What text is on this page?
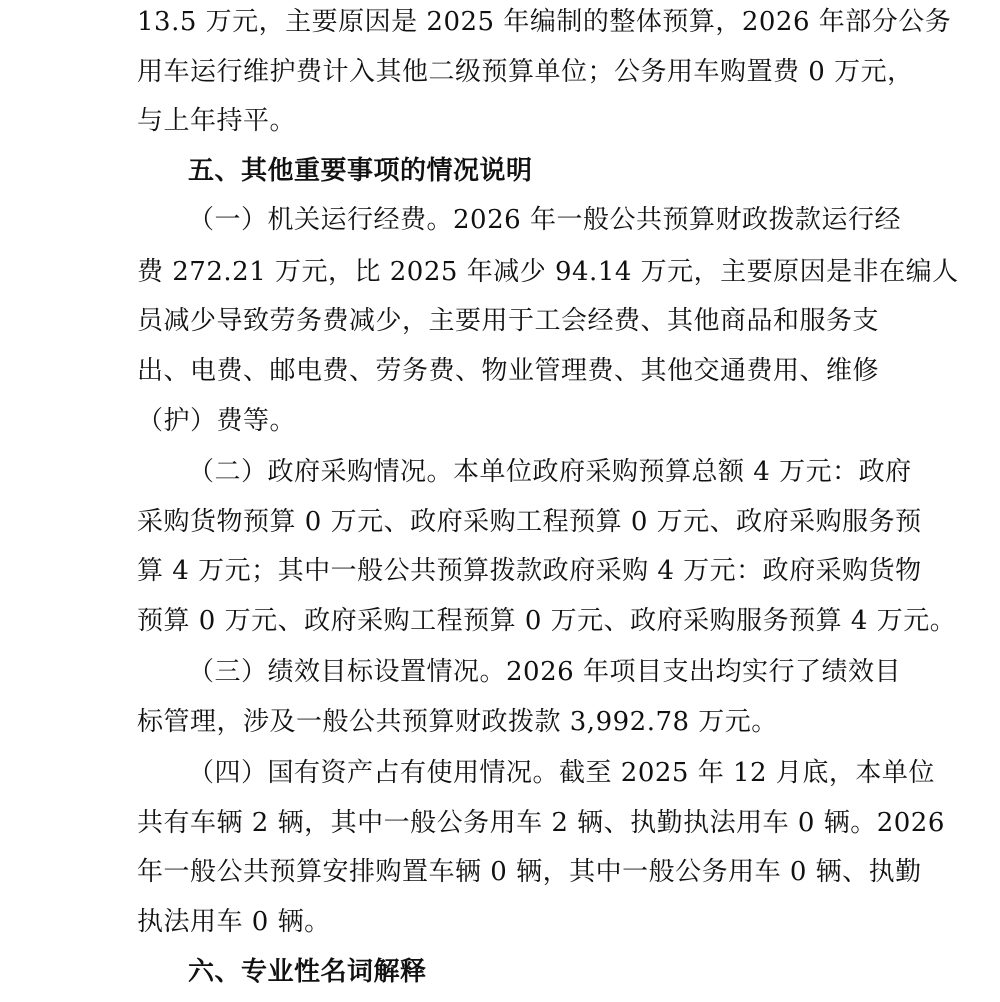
13.5 万元，主要原因是 2025 年编制的整体预算，2026 年部分公务
用车运行维护费计入其他二级预算单位；公务用车购置费 0 万元，
与上年持平。
五、其他重要事项的情况说明
（一）机关运行经费。2026 年一般公共预算财政拨款运行经
费 272.21 万元，比 2025 年减少 94.14 万元，主要原因是非在编人
员减少导致劳务费减少，主要用于工会经费、其他商品和服务支
出、电费、邮电费、劳务费、物业管理费、其他交通费用、维修
（护）费等。
（二）政府采购情况。本单位政府采购预算总额 4 万元：政府
采购货物预算 0 万元、政府采购工程预算 0 万元、政府采购服务预
算 4 万元；其中一般公共预算拨款政府采购 4 万元：政府采购货物
预算 0 万元、政府采购工程预算 0 万元、政府采购服务预算 4 万元。
（三）绩效目标设置情况。2026 年项目支出均实行了绩效目
标管理，涉及一般公共预算财政拨款 3,992.78 万元。
（四）国有资产占有使用情况。截至 2025 年 12 月底，本单位
共有车辆 2 辆，其中一般公务用车 2 辆、执勤执法用车 0 辆。2026
年一般公共预算安排购置车辆 0 辆，其中一般公务用车 0 辆、执勤
执法用车 0 辆。
六、专业性名词解释
